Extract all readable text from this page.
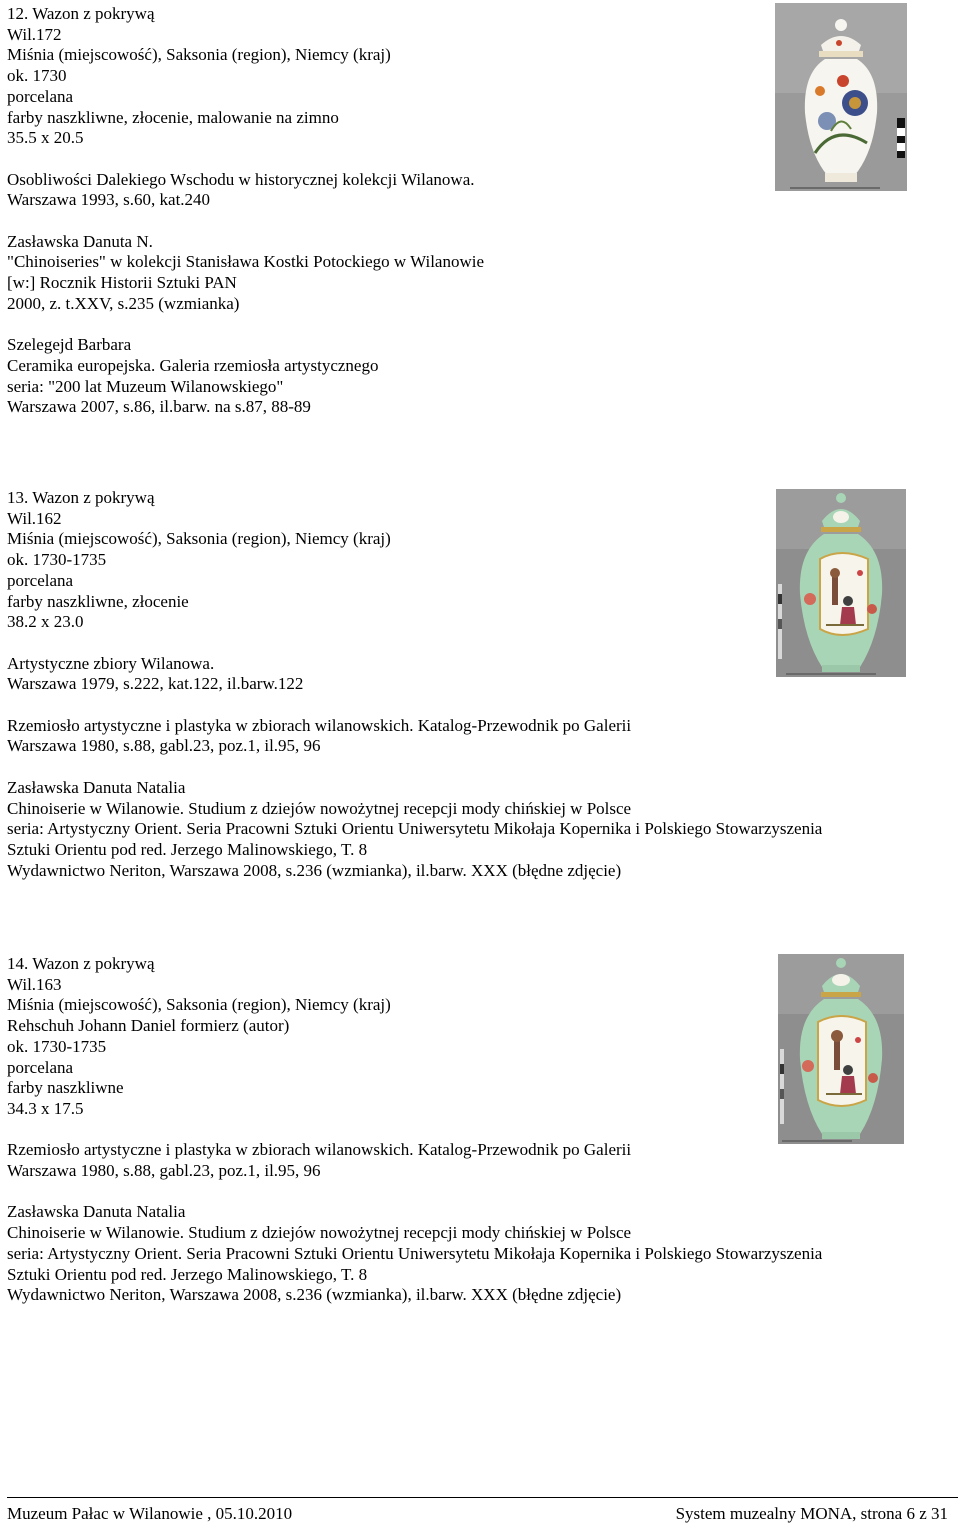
12. Wazon z pokrywą
Wil.172
Miśnia (miejscowość), Saksonia (region), Niemcy (kraj)
ok. 1730
porcelana
farby naszkliwne, złocenie, malowanie na zimno
35.5 x 20.5
Osobliwości Dalekiego Wschodu w historycznej kolekcji Wilanowa.
Warszawa 1993, s.60, kat.240
Zasławska Danuta N.
"Chinoiseries" w kolekcji Stanisława Kostki Potockiego w Wilanowie
[w:] Rocznik Historii Sztuki PAN
2000, z. t.XXV, s.235 (wzmianka)
Szelegejd Barbara
Ceramika europejska. Galeria rzemiosła artystycznego
seria: "200 lat Muzeum Wilanowskiego"
Warszawa 2007, s.86, il.barw. na s.87, 88-89
13. Wazon z pokrywą
Wil.162
Miśnia (miejscowość), Saksonia (region), Niemcy (kraj)
ok. 1730-1735
porcelana
farby naszkliwne, złocenie
38.2 x 23.0
Artystyczne zbiory Wilanowa.
Warszawa 1979, s.222, kat.122, il.barw.122
Rzemiosło artystyczne i plastyka w zbiorach wilanowskich. Katalog-Przewodnik po Galerii
Warszawa 1980, s.88, gabl.23, poz.1, il.95, 96
Zasławska Danuta Natalia
Chinoiserie w Wilanowie. Studium z dziejów nowożytnej recepcji mody chińskiej w Polsce
seria: Artystyczny Orient. Seria Pracowni Sztuki Orientu Uniwersytetu Mikołaja Kopernika i Polskiego Stowarzyszenia
Sztuki Orientu pod red. Jerzego Malinowskiego, T. 8
Wydawnictwo Neriton, Warszawa 2008, s.236 (wzmianka), il.barw. XXX (błędne zdjęcie)
14. Wazon z pokrywą
Wil.163
Miśnia (miejscowość), Saksonia (region), Niemcy (kraj)
Rehschuh Johann Daniel formierz (autor)
ok. 1730-1735
porcelana
farby naszkliwne
34.3 x 17.5
Rzemiosło artystyczne i plastyka w zbiorach wilanowskich. Katalog-Przewodnik po Galerii
Warszawa 1980, s.88, gabl.23, poz.1, il.95, 96
Zasławska Danuta Natalia
Chinoiserie w Wilanowie. Studium z dziejów nowożytnej recepcji mody chińskiej w Polsce
seria: Artystyczny Orient. Seria Pracowni Sztuki Orientu Uniwersytetu Mikołaja Kopernika i Polskiego Stowarzyszenia
Sztuki Orientu pod red. Jerzego Malinowskiego, T. 8
Wydawnictwo Neriton, Warszawa 2008, s.236 (wzmianka), il.barw. XXX (błędne zdjęcie)
Muzeum Pałac w Wilanowie , 05.10.2010	System muzealny MONA, strona 6 z 31
